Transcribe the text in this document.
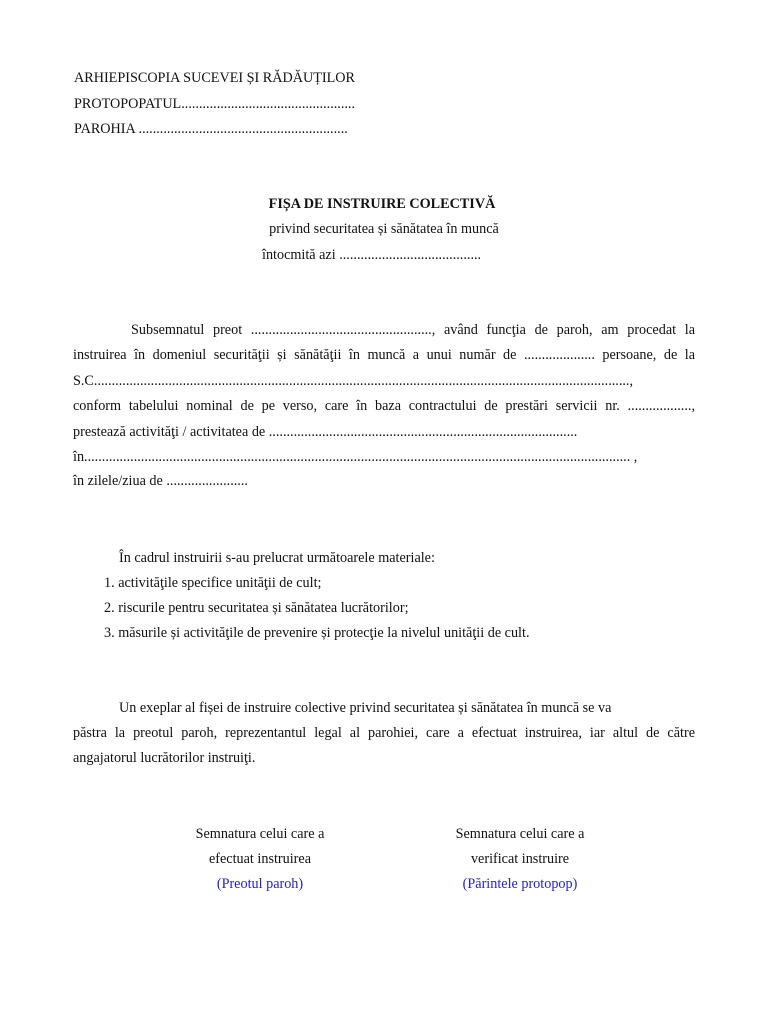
ARHIEPISCOPIA SUCEVEI ȘI RĂDĂUȚILOR
PROTOPOPATUL.................................................
PAROHIA ...........................................................
FIȘA DE INSTRUIRE COLECTIVĂ
privind securitatea și sănătatea în muncă
întocmită azi ........................................
Subsemnatul preot ..................................................., având funcţia de paroh, am procedat la
instruirea în domeniul securităţii și sănătăţii în muncă a unui număr de .................... persoane, de la
S.C.......................................................................................................................................................,
conform tabelului nominal de pe verso, care în baza contractului de prestări servicii nr. ..................,
prestează activităţi / activitatea de .......................................................................................
în.......................................................................................................................................................... ,
în zilele/ziua de .......................
În cadrul instruirii s-au prelucrat următoarele materiale:
1. activităţile specifice unităţii de cult;
2. riscurile pentru securitatea și sănătatea lucrătorilor;
3. măsurile și activităţile de prevenire și protecţie la nivelul unităţii de cult.
Un exeplar al fișei de instruire colective privind securitatea și sănătatea în muncă se va
păstra la preotul paroh, reprezentantul legal al parohiei, care a efectuat instruirea, iar altul de către
angajatorul lucrătorilor instruiţi.
Semnatura celui care a
efectuat instruirea
(Preotul paroh)
Semnatura celui care a
verificat instruire
(Părintele protopop)
